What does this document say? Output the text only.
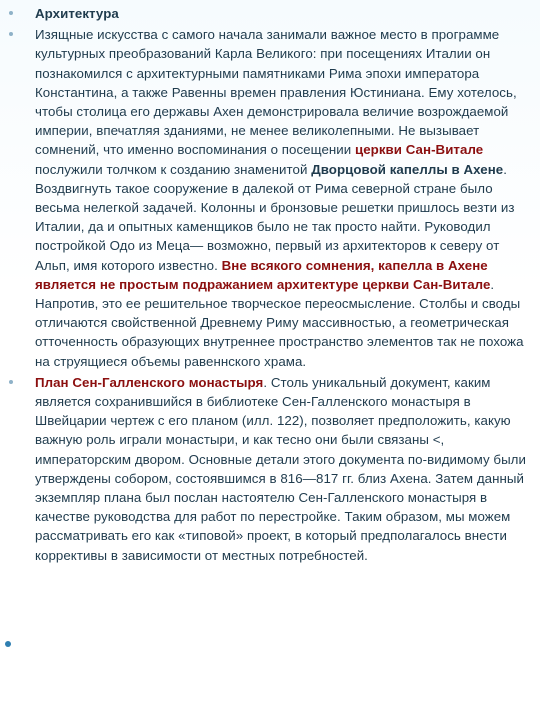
Архитектура
Изящные искусства с самого начала занимали важное место в программе культурных преобразований Карла Великого: при посещениях Италии он познакомился с архитектурными памятниками Рима эпохи императора Константина, а также Равенны времен правления Юстиниана. Ему хотелось, чтобы столица его державы Ахен демонстрировала величие возрождаемой империи, впечатляя зданиями, не менее великолепными. Не вызывает сомнений, что именно воспоминания о посещении церкви Сан-Витале послужили толчком к созданию знаменитой Дворцовой капеллы в Ахене. Воздвигнуть такое сооружение в далекой от Рима северной стране было весьма нелегкой задачей. Колонны и бронзовые решетки пришлось везти из Италии, да и опытных каменщиков было не так просто найти. Руководил постройкой Одо из Меца— возможно, первый из архитекторов к северу от Альп, имя которого известно. Вне всякого сомнения, капелла в Ахене является не простым подражанием архитектуре церкви Сан-Витале. Напротив, это ее решительное творческое переосмысление. Столбы и своды отличаются свойственной Древнему Риму массивностью, а геометрическая отточенность образующих внутреннее пространство элементов так не похожа на струящиеся объемы равеннского храма.
План Сен-Галленского монастыря. Столь уникальный документ, каким является сохранившийся в библиотеке Сен-Галленского монастыря в Швейцарии чертеж с его планом (илл. 122), позволяет предположить, какую важную роль играли монастыри, и как тесно они были связаны <, императорским двором. Основные детали этого документа по-видимому были утверждены собором, состоявшимся в 816—817 гг. близ Ахена. Затем данный экземпляр плана был послан настоятелю Сен-Галленского монастыря в качестве руководства для работ по перестройке. Таким образом, мы можем рассматривать его как «типовой» проект, в который предполагалось внести коррективы в зависимости от местных потребностей.
